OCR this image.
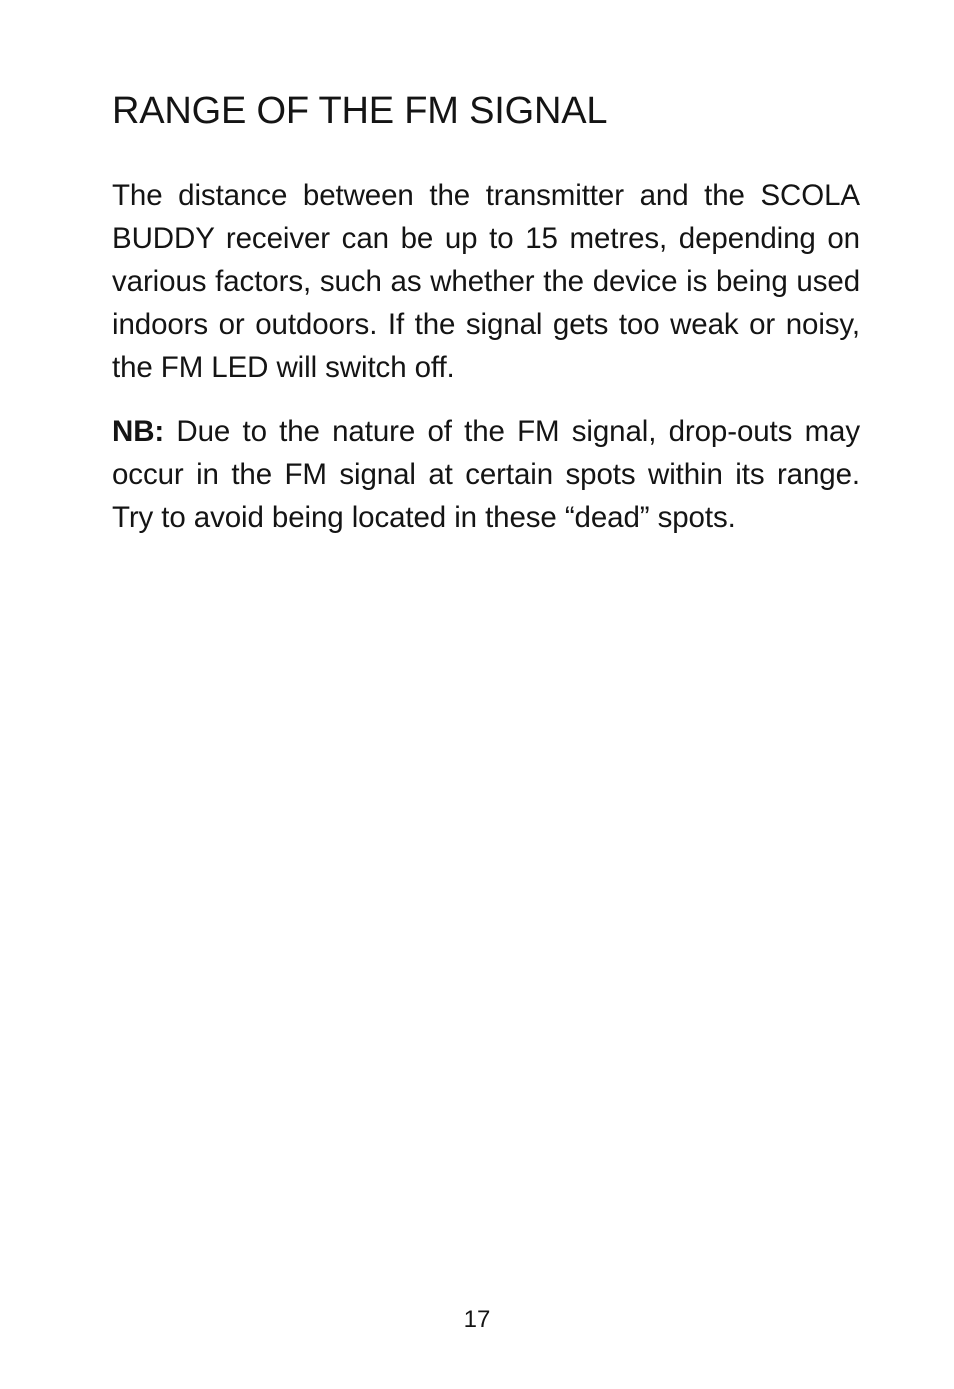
RANGE OF THE FM SIGNAL

The distance between the transmitter and the SCOLA BUDDY receiver can be up to 15 metres, depending on various factors, such as whether the device is being used indoors or outdoors. If the signal gets too weak or noisy, the FM LED will switch off.

NB: Due to the nature of the FM signal, drop-outs may occur in the FM signal at certain spots within its range. Try to avoid being located in these “dead” spots.

17
